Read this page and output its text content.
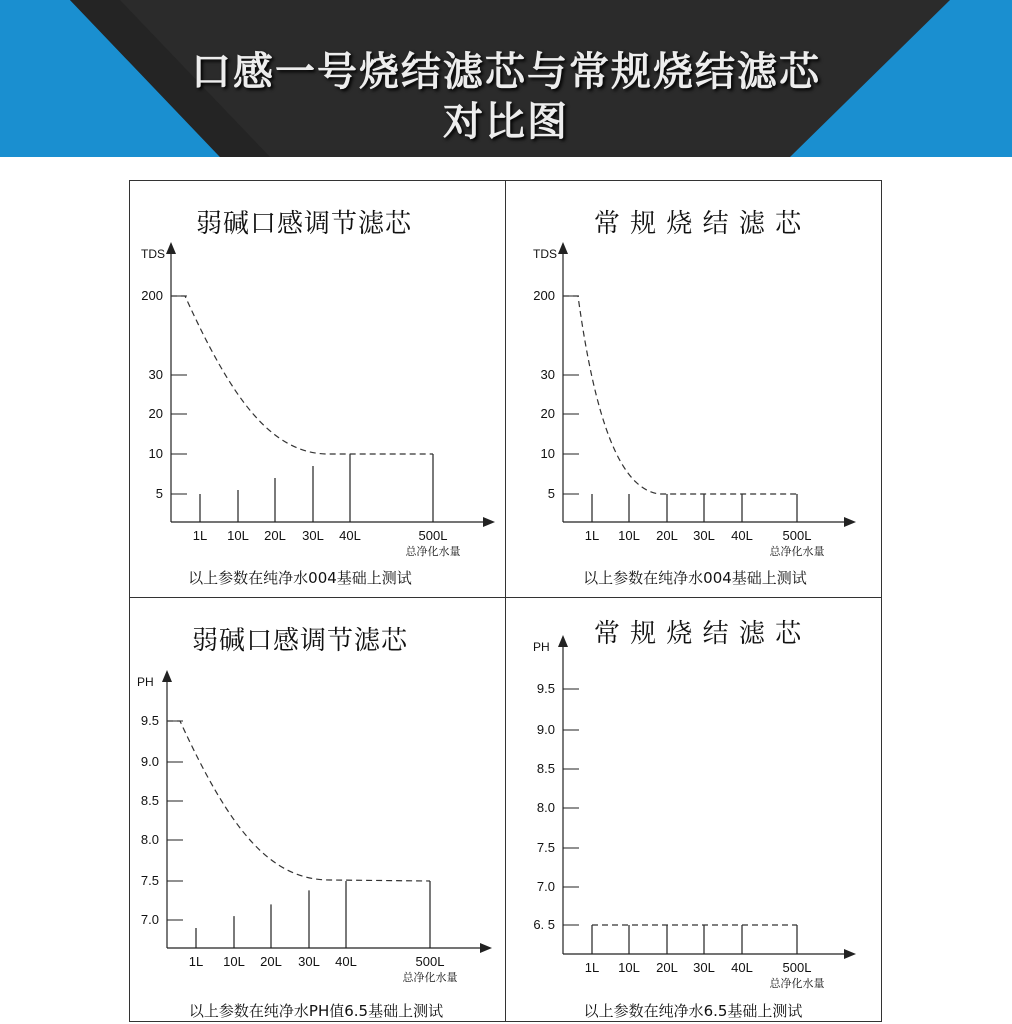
口感一号烧结滤芯与常规烧结滤芯
对比图
弱碱口感调节滤芯	常 规 烧 结 滤 芯
弱碱口感调节滤芯	常 规 烧 结 滤 芯
以上参数在纯净水004基础上测试	以上参数在纯净水004基础上测试
以上参数在纯净水PH值6.5基础上测试	以上参数在纯净水6.5基础上测试
TDS
200
30
20
10
5
1L 10L 20L 30L 40L	500L
总净化水量
TDS
200
30
20
10
5
1L 10L 20L 30L 40L 500L
总净化水量
PH
9.5
9.0
8.5
8.0
7.5
7.0
1L 10L 20L 30L 40L	500L
总净化水量
PH
9.5
9.0
8.5
8.0
7.5
7.0
6. 5
1L 10L 20L 30L 40L 500L
总净化水量
